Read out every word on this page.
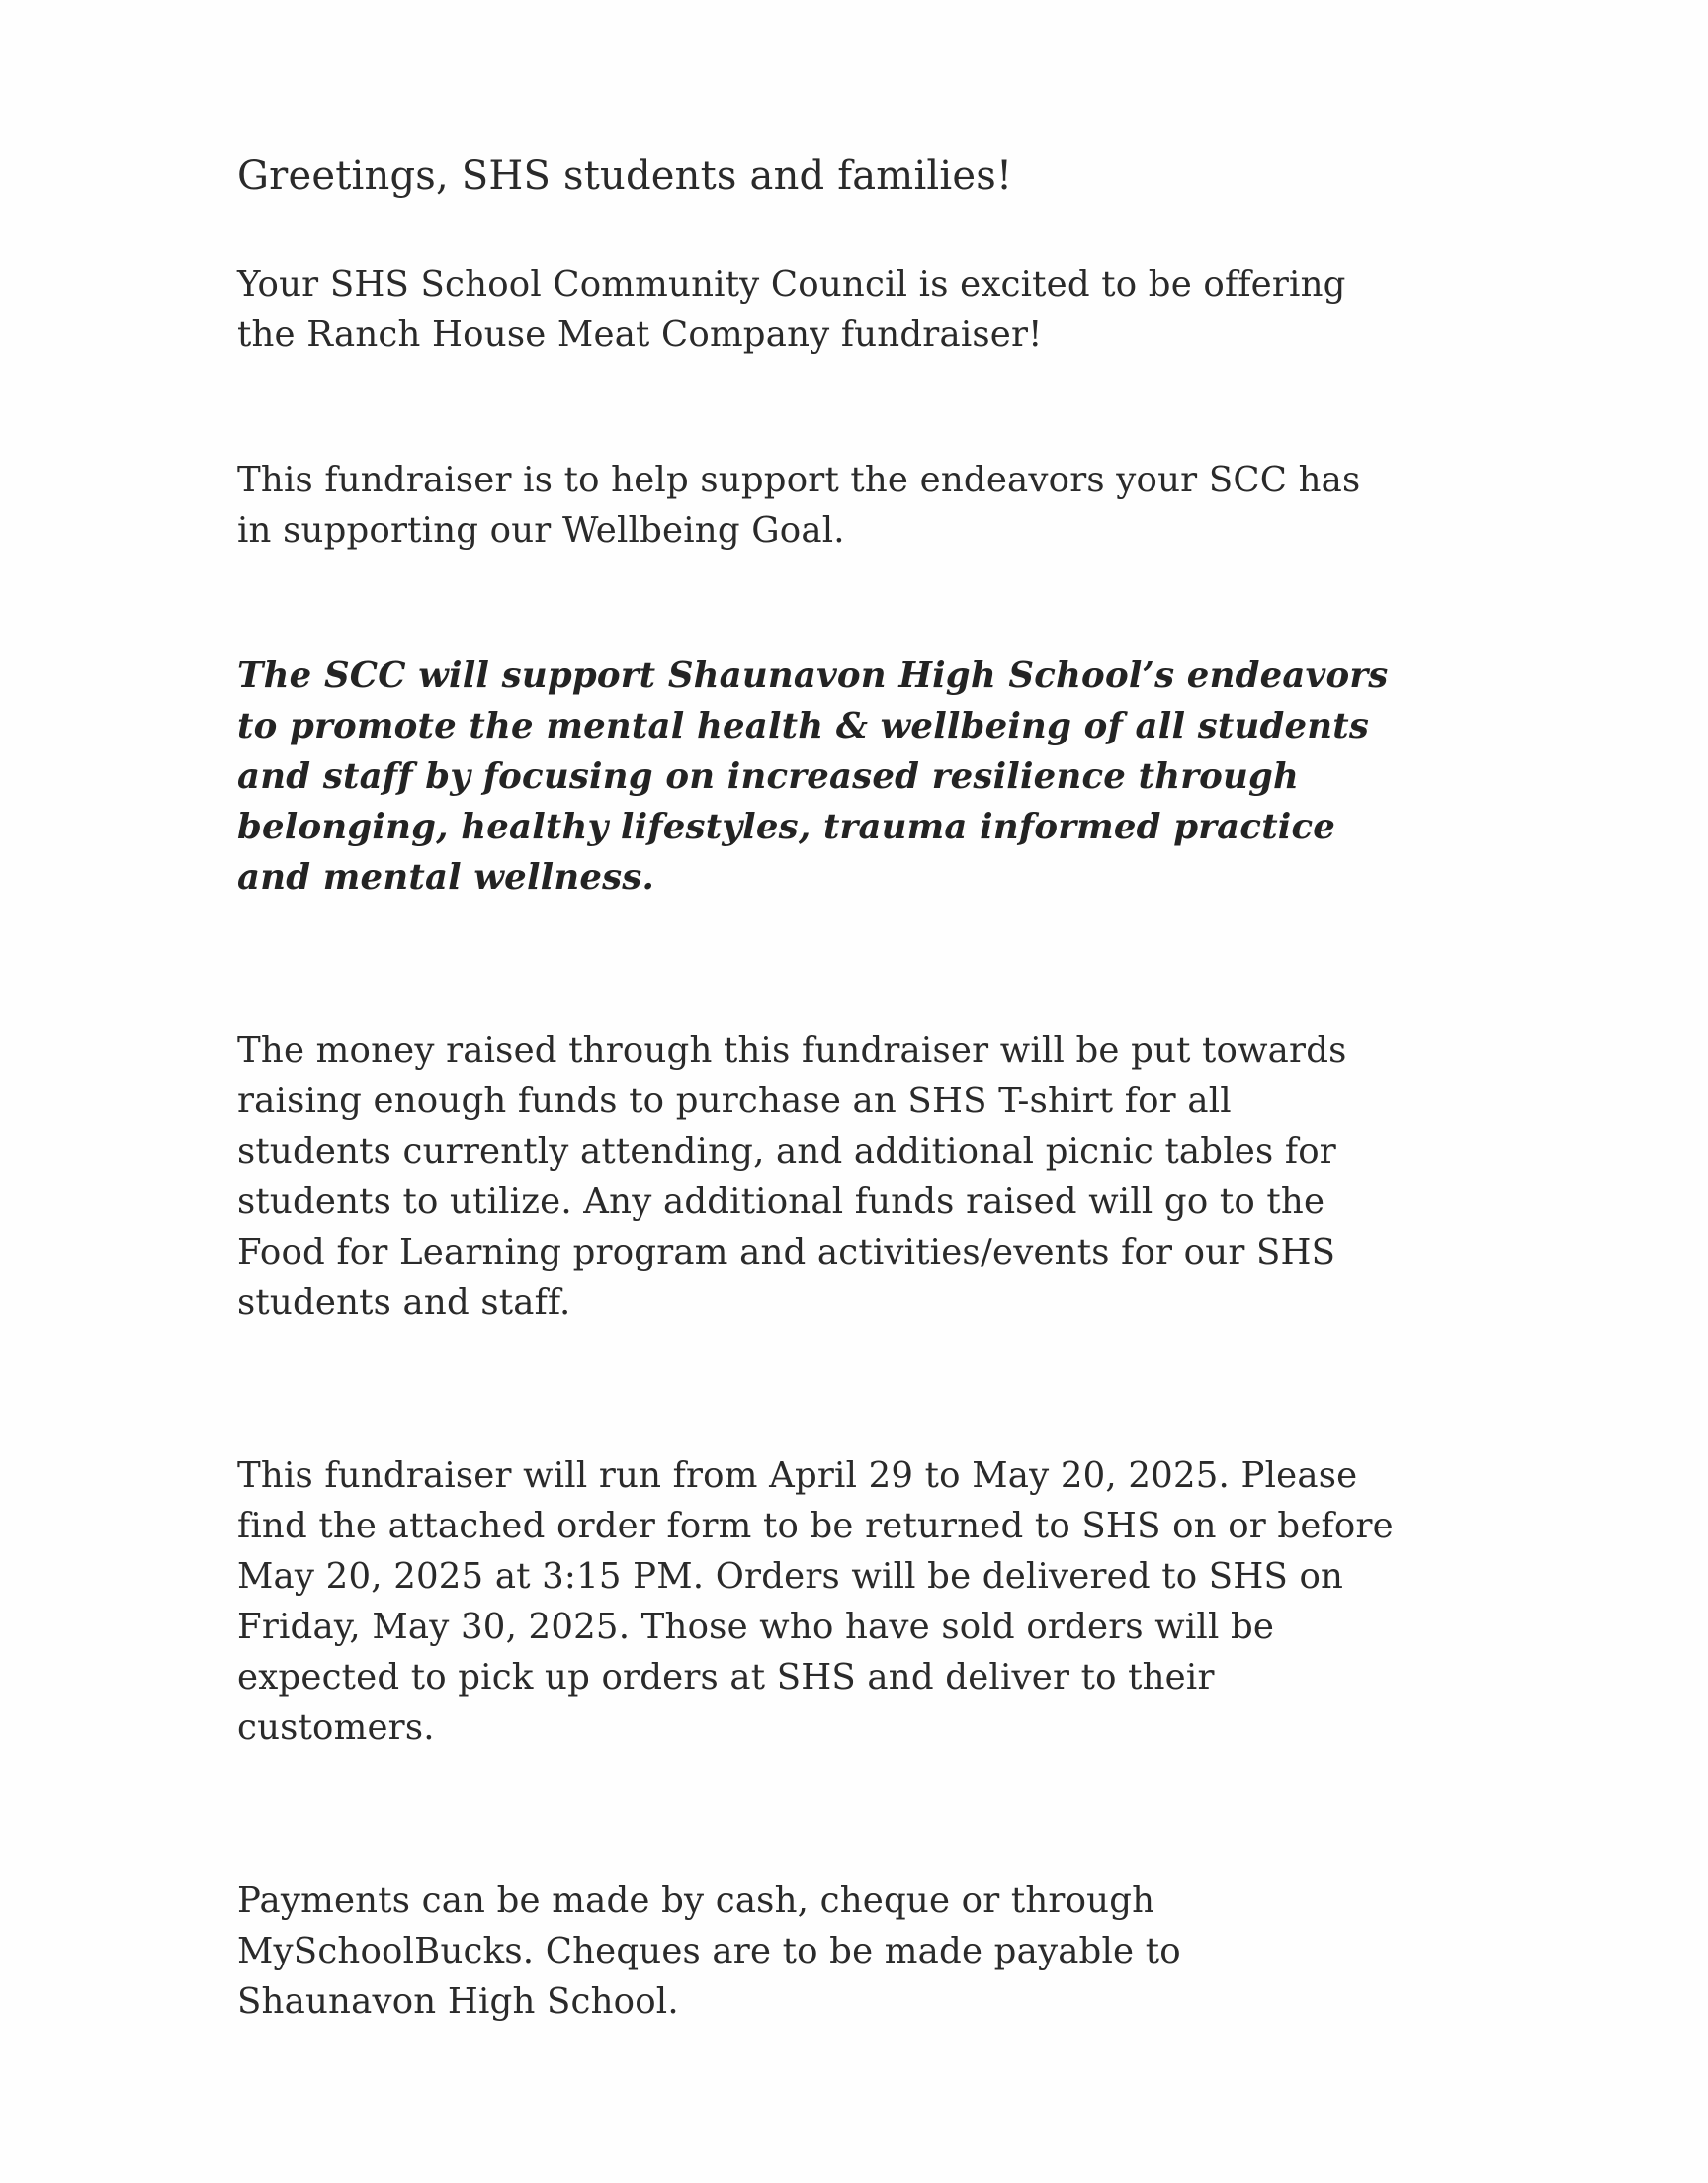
Greetings, SHS students and families!

Your SHS School Community Council is excited to be offering
the Ranch House Meat Company fundraiser!

This fundraiser is to help support the endeavors your SCC has
in supporting our Wellbeing Goal.

The SCC will support Shaunavon High School’s endeavors
to promote the mental health & wellbeing of all students
and staff by focusing on increased resilience through
belonging, healthy lifestyles, trauma informed practice
and mental wellness.

The money raised through this fundraiser will be put towards
raising enough funds to purchase an SHS T-shirt for all
students currently attending, and additional picnic tables for
students to utilize. Any additional funds raised will go to the
Food for Learning program and activities/events for our SHS
students and staff.

This fundraiser will run from April 29 to May 20, 2025. Please
find the attached order form to be returned to SHS on or before
May 20, 2025 at 3:15 PM. Orders will be delivered to SHS on
Friday, May 30, 2025. Those who have sold orders will be
expected to pick up orders at SHS and deliver to their
customers.

Payments can be made by cash, cheque or through
MySchoolBucks. Cheques are to be made payable to
Shaunavon High School.
